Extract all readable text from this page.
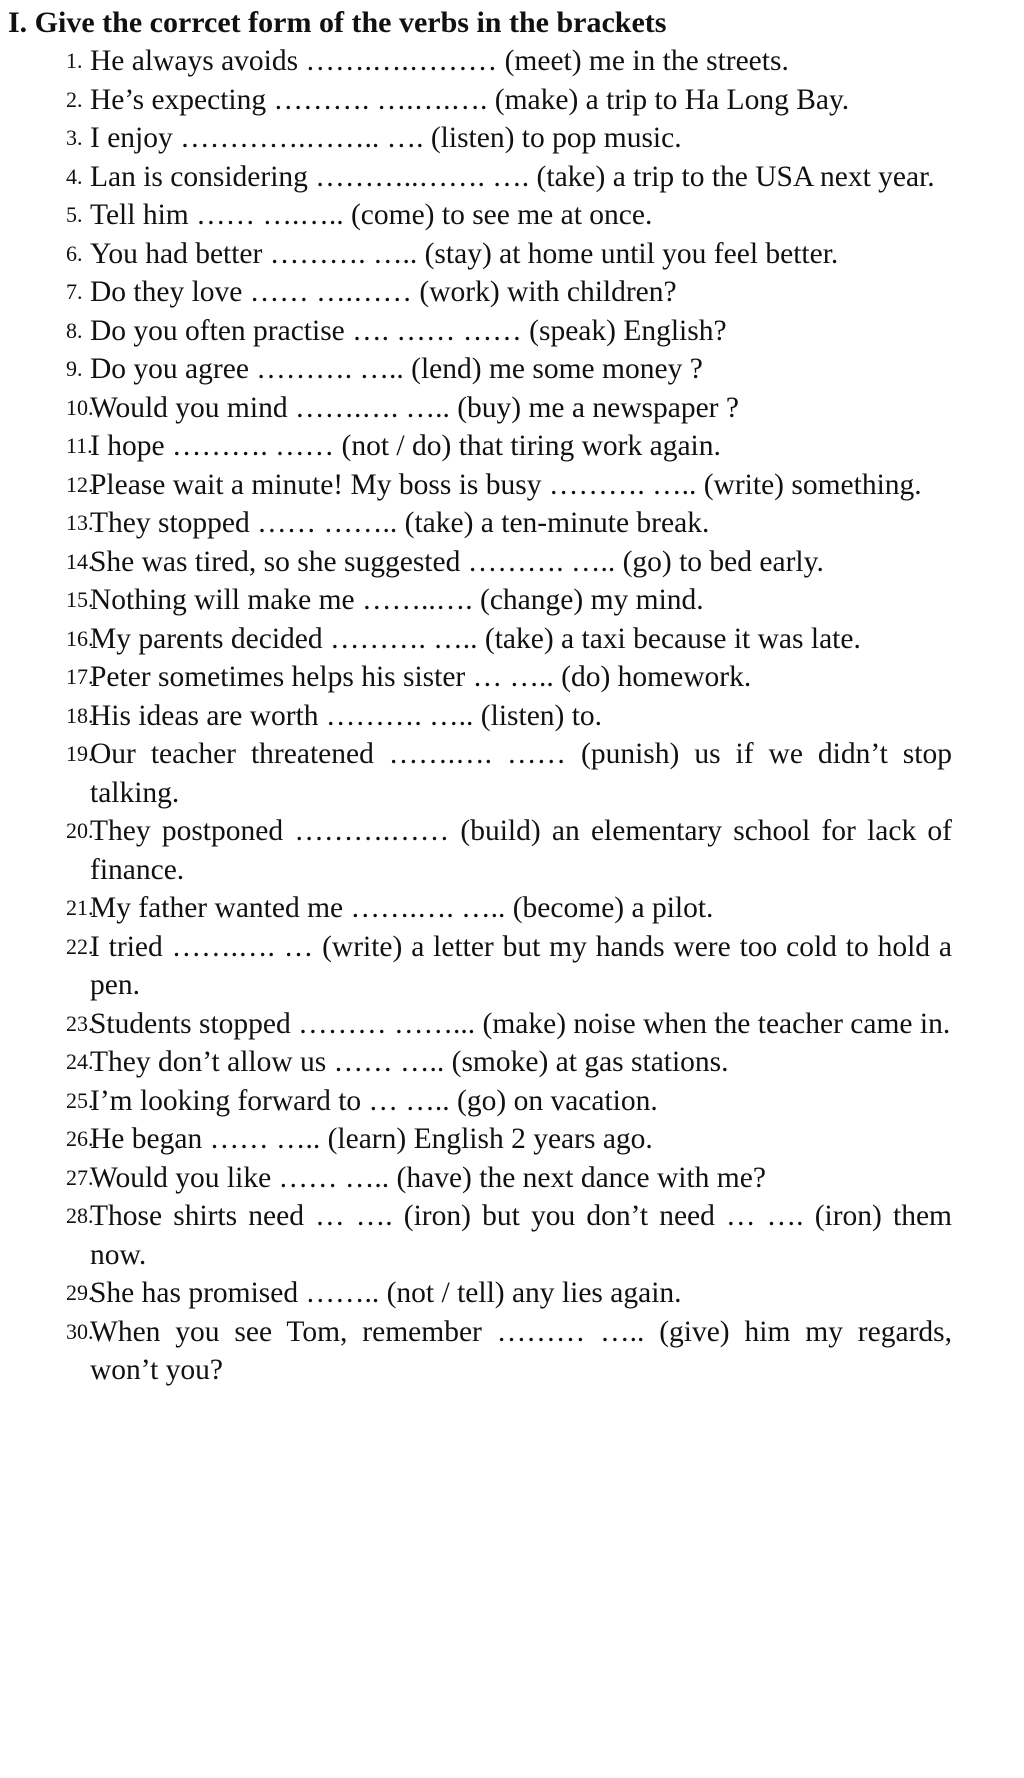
I. Give the corrcet form of the verbs in the brackets
1. He always avoids …….….……… (meet) me in the streets.
2. He’s expecting ………. ….….…. (make) a trip to Ha Long Bay.
3. I enjoy ………….…….. …. (listen) to pop music.
4. Lan is considering ………..……. …. (take) a trip to the USA next year.
5. Tell him …… ….….. (come) to see me at once.
6. You had better ………. ….. (stay) at home until you feel better.
7. Do they love …… ….…… (work) with children?
8. Do you often practise …. …… …… (speak) English?
9. Do you agree ………. ….. (lend) me some money ?
10.
Would you mind …….…. ….. (buy) me a newspaper ?
11.
I hope ………. …… (not / do) that tiring work again.
12.
Please wait a minute! My boss is busy ………. ….. (write) something.
13.
They stopped …… …….. (take) a ten-minute break.
14.
She was tired, so she suggested ………. ….. (go) to bed early.
15.
Nothing will make me ……..…. (change) my mind.
16.
My parents decided ………. ….. (take) a taxi because it was late.
17.
Peter sometimes helps his sister … ….. (do) homework.
18.
His ideas are worth ………. ….. (listen) to.
19.
Our teacher threatened …….…. …… (punish) us if we didn’t stop talking.
20.
They postponed ……….…… (build) an elementary school for lack of finance.
21.
My father wanted me …….…. ….. (become) a pilot.
22.
I tried …….…. … (write) a letter but my hands were too cold to hold a pen.
23.
Students stopped ……… ……... (make) noise when the teacher came in.
24.
They don’t allow us …… ….. (smoke) at gas stations.
25.
I’m looking forward to … ….. (go) on vacation.
26.
He began …… ….. (learn) English 2 years ago.
27.
Would you like …… ….. (have) the next dance with me?
28.
Those shirts need … …. (iron) but you don’t need … …. (iron) them now.
29.
She has promised …….. (not / tell) any lies again.
30.
When you see Tom, remember ……… ….. (give) him my regards, won’t you?
